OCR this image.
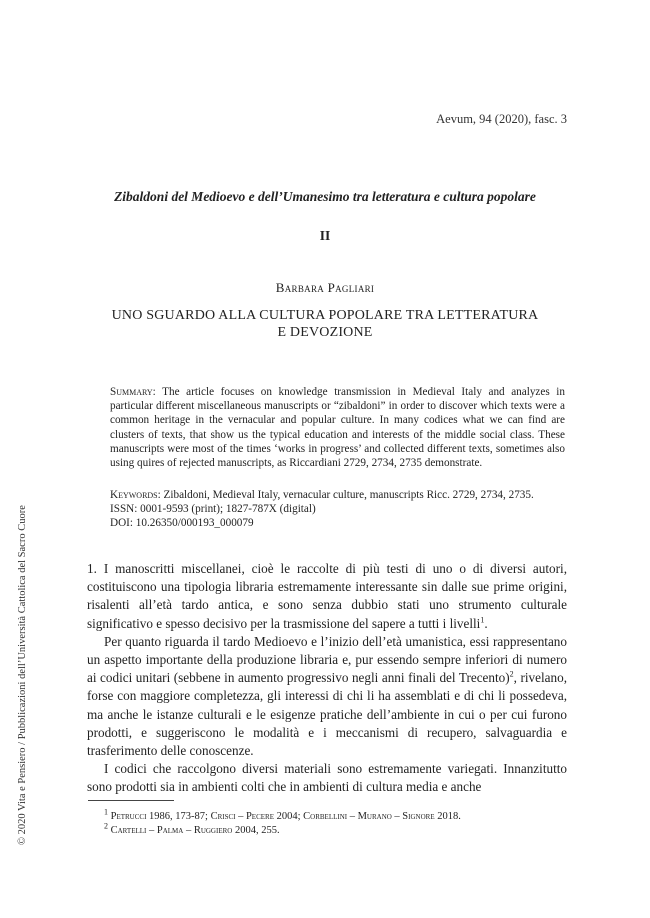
Aevum, 94 (2020), fasc. 3
Zibaldoni del Medioevo e dell’Umanesimo tra letteratura e cultura popolare
II
Barbara Pagliari
UNO SGUARDO ALLA CULTURA POPOLARE TRA LETTERATURA
E DEVOZIONE
Summary: The article focuses on knowledge transmission in Medieval Italy and analyzes in particular different miscellaneous manuscripts or “zibaldoni” in order to discover which texts were a common heritage in the vernacular and popular culture. In many codices what we can find are clusters of texts, that show us the typical education and interests of the middle social class. These manuscripts were most of the times ‘works in progress’ and collected different texts, sometimes also using quires of rejected manuscripts, as Riccardiani 2729, 2734, 2735 demonstrate.
Keywords: Zibaldoni, Medieval Italy, vernacular culture, manuscripts Ricc. 2729, 2734, 2735.
ISSN: 0001-9593 (print); 1827-787X (digital)
DOI: 10.26350/000193_000079
© 2020 Vita e Pensiero / Pubblicazioni dell’Università Cattolica del Sacro Cuore	1. I manoscritti miscellanei, cioè le raccolte di più testi di uno o di diversi autori, costituiscono una tipologia libraria estremamente interessante sin dalle sue prime origini, risalenti all’età tardo antica, e sono senza dubbio stati uno strumento culturale significativo e spesso decisivo per la trasmissione del sapere a tutti i livelli$^1$.

Per quanto riguarda il tardo Medioevo e l’inizio dell’età umanistica, essi rappresentano un aspetto importante della produzione libraria e, pur essendo sempre inferiori di numero ai codici unitari (sebbene in aumento progressivo negli anni finali del Trecento)$^2$, rivelano, forse con maggiore completezza, gli interessi di chi li ha assemblati e di chi li possedeva, ma anche le istanze culturali e le esigenze pratiche dell’ambiente in cui o per cui furono prodotti, e suggeriscono le modalità e i meccanismi di recupero, salvaguardia e trasferimento delle conoscenze.

I codici che raccolgono diversi materiali sono estremamente variegati. Innanzitutto sono prodotti sia in ambienti colti che in ambienti di cultura media e anche

$^1$ Petrucci 1986, 173-87; Crisci – Pecere 2004; Corbellini – Murano – Signore 2018.
$^2$ Cartelli – Palma – Ruggiero 2004, 255.
